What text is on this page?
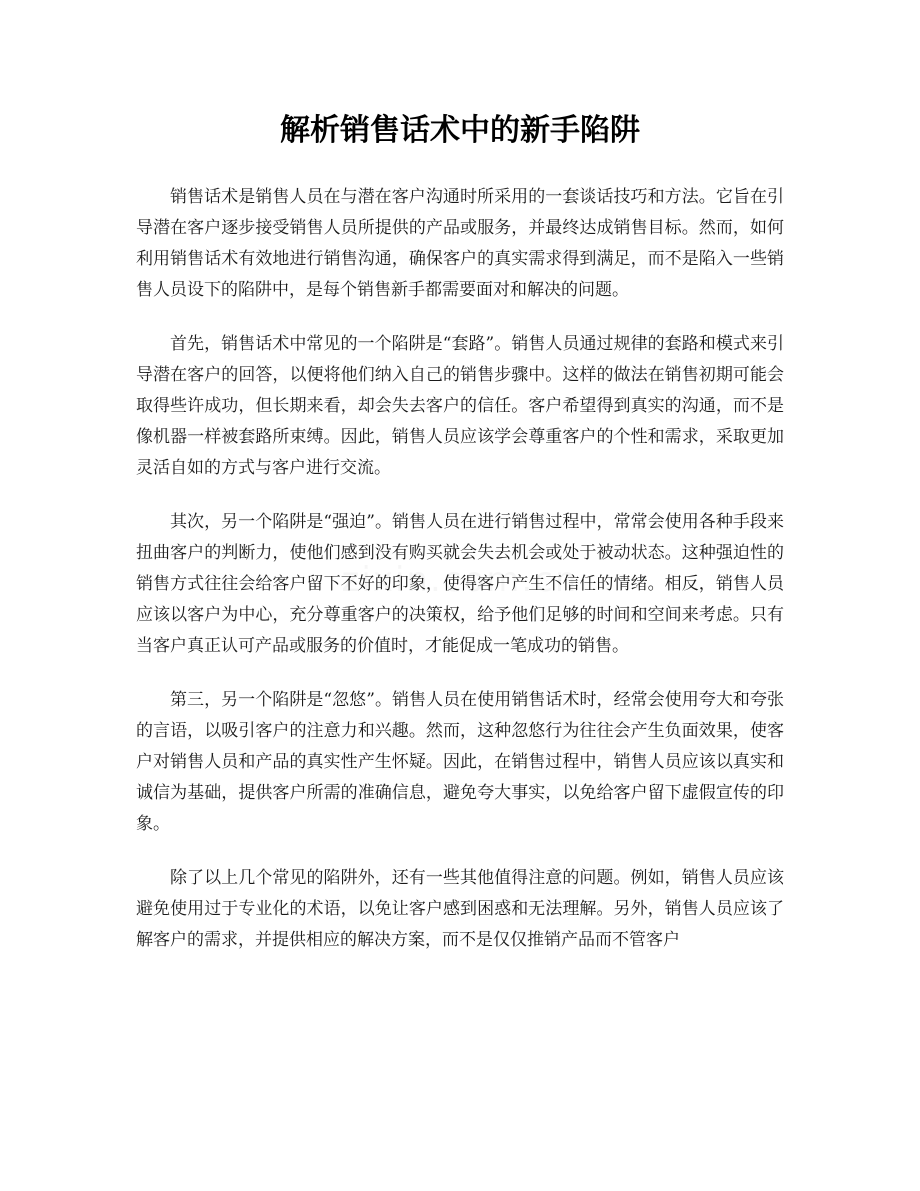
解析销售话术中的新手陷阱

销售话术是销售人员在与潜在客户沟通时所采用的一套谈话技巧和方法。它旨在引导潜在客户逐步接受销售人员所提供的产品或服务，并最终达成销售目标。然而，如何利用销售话术有效地进行销售沟通，确保客户的真实需求得到满足，而不是陷入一些销售人员设下的陷阱中，是每个销售新手都需要面对和解决的问题。

首先，销售话术中常见的一个陷阱是“套路”。销售人员通过规律的套路和模式来引导潜在客户的回答，以便将他们纳入自己的销售步骤中。这样的做法在销售初期可能会取得些许成功，但长期来看，却会失去客户的信任。客户希望得到真实的沟通，而不是像机器一样被套路所束缚。因此，销售人员应该学会尊重客户的个性和需求，采取更加灵活自如的方式与客户进行交流。

其次，另一个陷阱是“强迫”。销售人员在进行销售过程中，常常会使用各种手段来扭曲客户的判断力，使他们感到没有购买就会失去机会或处于被动状态。这种强迫性的销售方式往往会给客户留下不好的印象，使得客户产生不信任的情绪。相反，销售人员应该以客户为中心，充分尊重客户的决策权，给予他们足够的时间和空间来考虑。只有当客户真正认可产品或服务的价值时，才能促成一笔成功的销售。

第三，另一个陷阱是“忽悠”。销售人员在使用销售话术时，经常会使用夸大和夸张的言语，以吸引客户的注意力和兴趣。然而，这种忽悠行为往往会产生负面效果，使客户对销售人员和产品的真实性产生怀疑。因此，在销售过程中，销售人员应该以真实和诚信为基础，提供客户所需的准确信息，避免夸大事实，以免给客户留下虚假宣传的印象。

除了以上几个常见的陷阱外，还有一些其他值得注意的问题。例如，销售人员应该避免使用过于专业化的术语，以免让客户感到困惑和无法理解。另外，销售人员应该了解客户的需求，并提供相应的解决方案，而不是仅仅推销产品而不管客户
